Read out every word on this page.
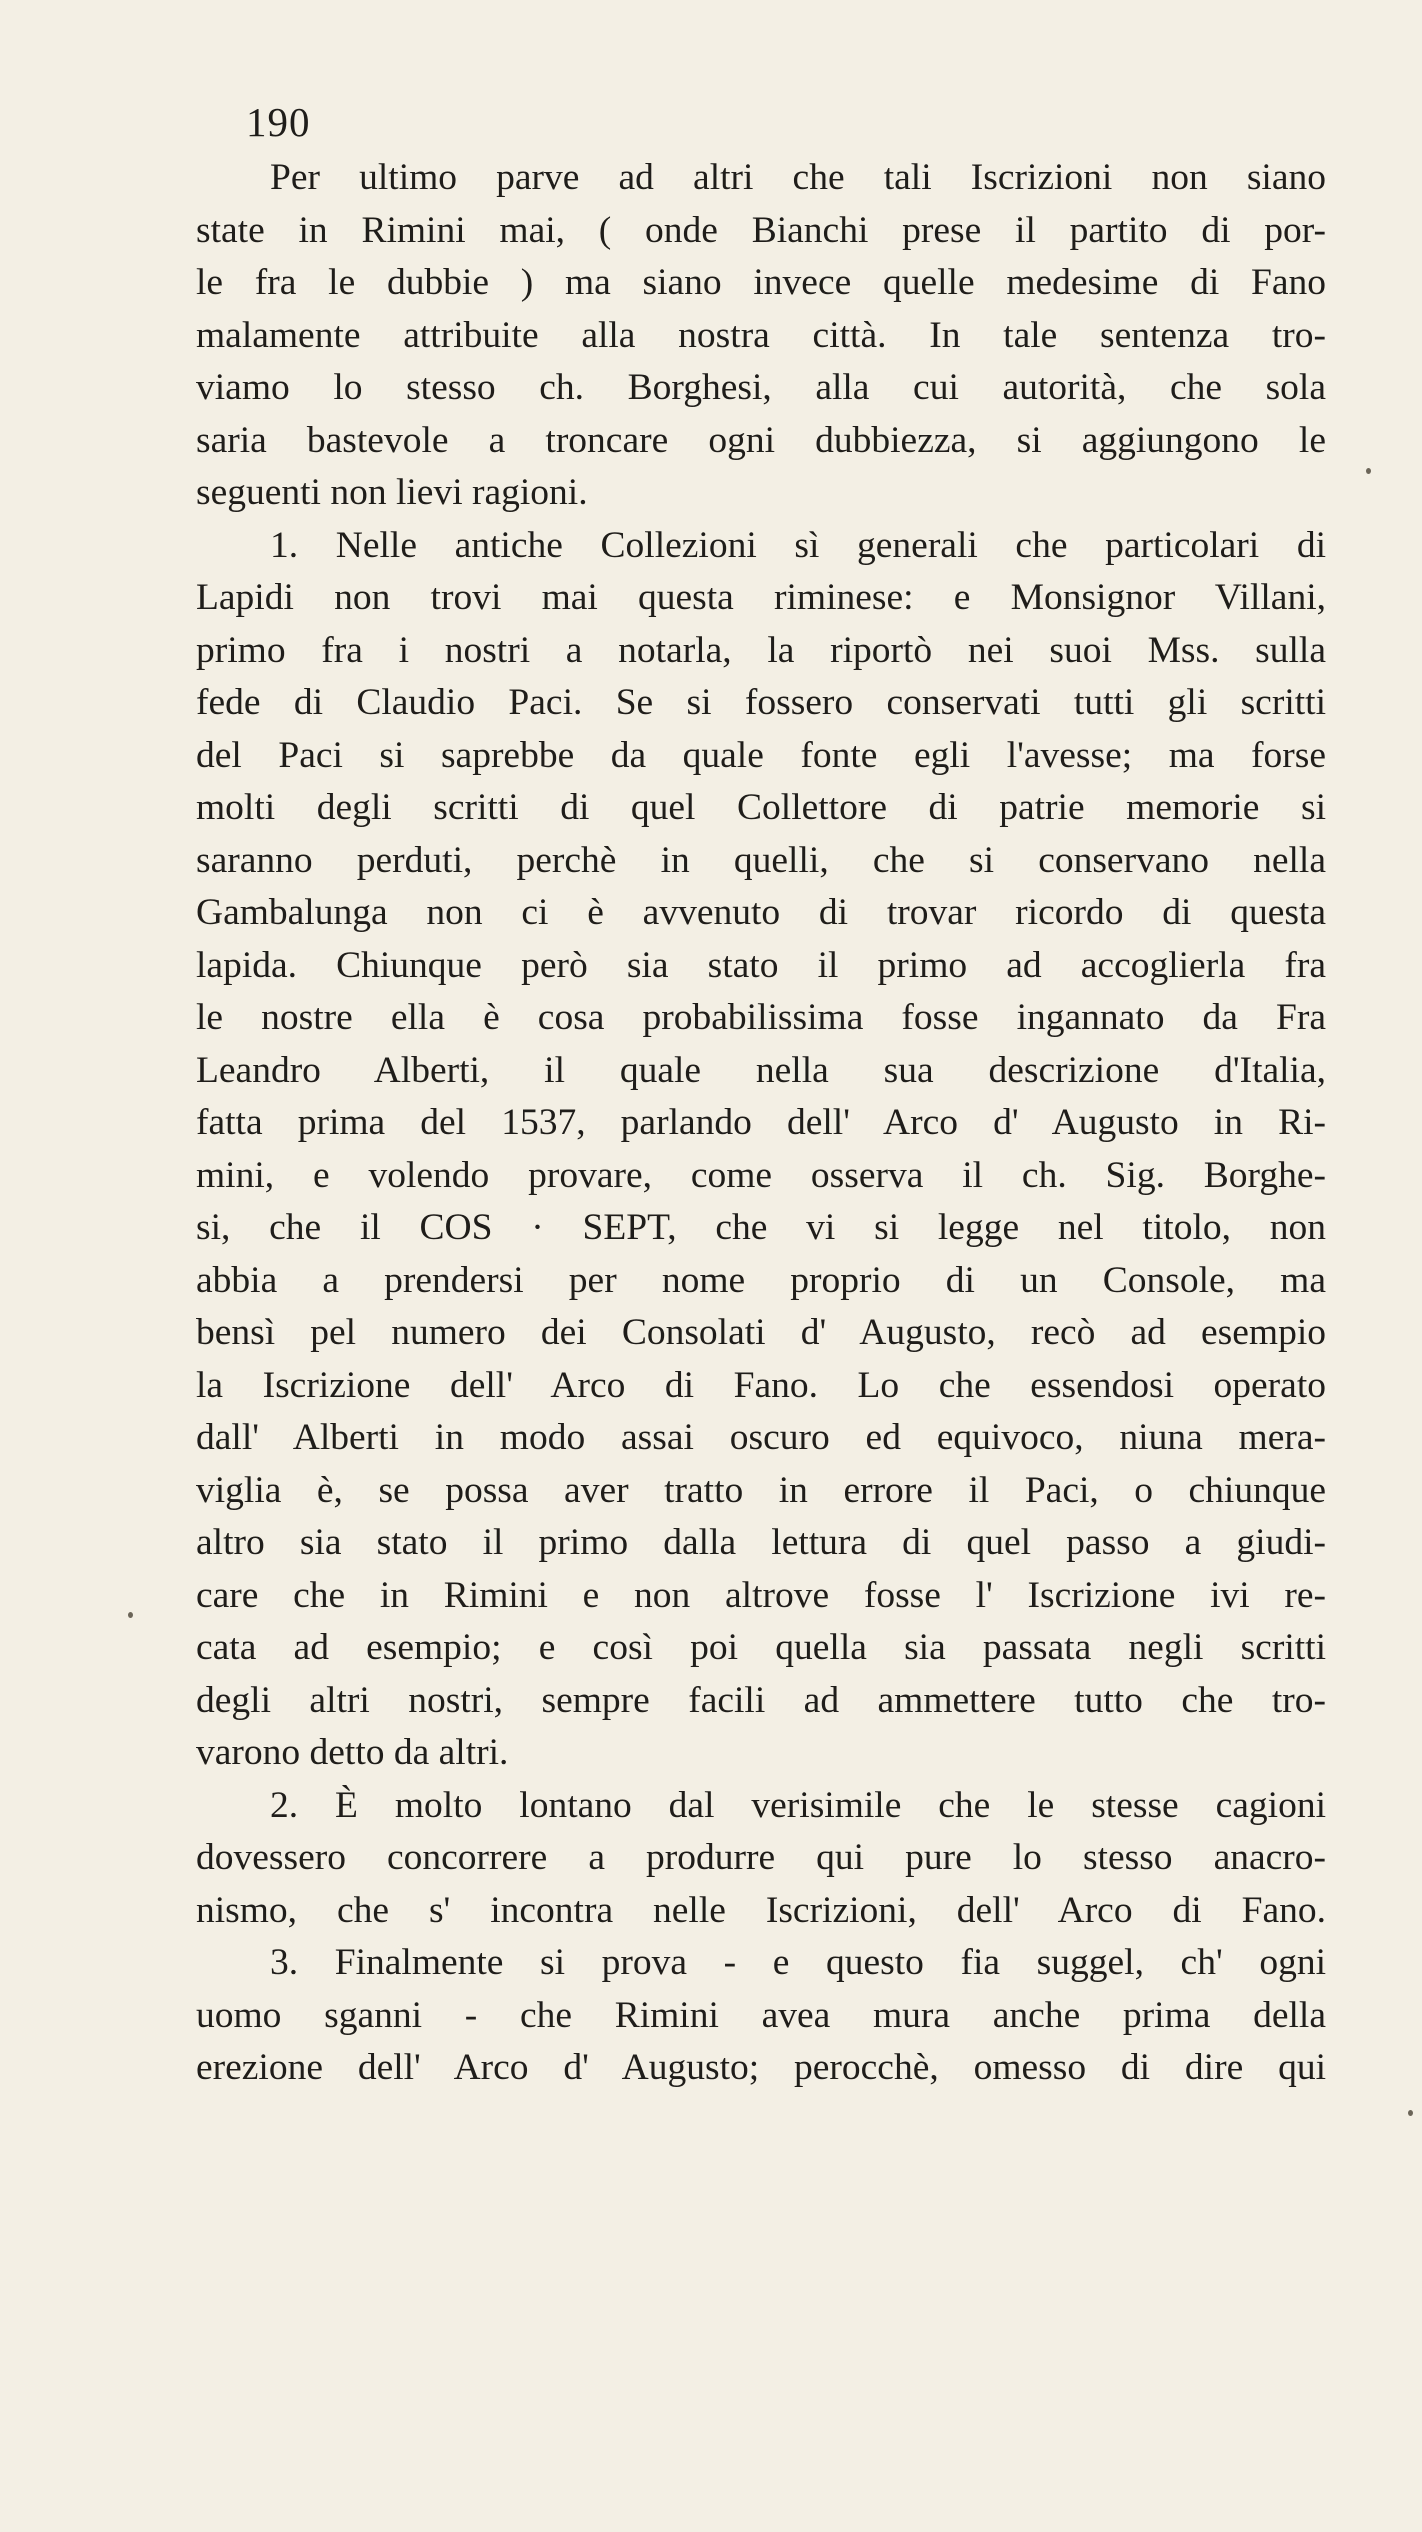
190
Per ultimo parve ad altri che tali Iscrizioni non siano
state in Rimini mai, ( onde Bianchi prese il partito di por-
le fra le dubbie ) ma siano invece quelle medesime di Fano
malamente attribuite alla nostra città. In tale sentenza tro-
viamo lo stesso ch. Borghesi, alla cui autorità, che sola
saria bastevole a troncare ogni dubbiezza, si aggiungono le
seguenti non lievi ragioni.
1. Nelle antiche Collezioni sì generali che particolari di
Lapidi non trovi mai questa riminese: e Monsignor Villani,
primo fra i nostri a notarla, la riportò nei suoi Mss. sulla
fede di Claudio Paci. Se si fossero conservati tutti gli scritti
del Paci si saprebbe da quale fonte egli l'avesse; ma forse
molti degli scritti di quel Collettore di patrie memorie si
saranno perduti, perchè in quelli, che si conservano nella
Gambalunga non ci è avvenuto di trovar ricordo di questa
lapida. Chiunque però sia stato il primo ad accoglierla fra
le nostre ella è cosa probabilissima fosse ingannato da Fra
Leandro Alberti, il quale nella sua descrizione d'Italia,
fatta prima del 1537, parlando dell' Arco d' Augusto in Ri-
mini, e volendo provare, come osserva il ch. Sig. Borghe-
si, che il COS · SEPT, che vi si legge nel titolo, non
abbia a prendersi per nome proprio di un Console, ma
bensì pel numero dei Consolati d' Augusto, recò ad esempio
la Iscrizione dell' Arco di Fano. Lo che essendosi operato
dall' Alberti in modo assai oscuro ed equivoco, niuna mera-
viglia è, se possa aver tratto in errore il Paci, o chiunque
altro sia stato il primo dalla lettura di quel passo a giudi-
care che in Rimini e non altrove fosse l' Iscrizione ivi re-
cata ad esempio; e così poi quella sia passata negli scritti
degli altri nostri, sempre facili ad ammettere tutto che tro-
varono detto da altri.
2. È molto lontano dal verisimile che le stesse cagioni
dovessero concorrere a produrre qui pure lo stesso anacro-
nismo, che s' incontra nelle Iscrizioni, dell' Arco di Fano.
3. Finalmente si prova - e questo fia suggel, ch' ogni
uomo sganni - che Rimini avea mura anche prima della
erezione dell' Arco d' Augusto; perocchè, omesso di dire qui
